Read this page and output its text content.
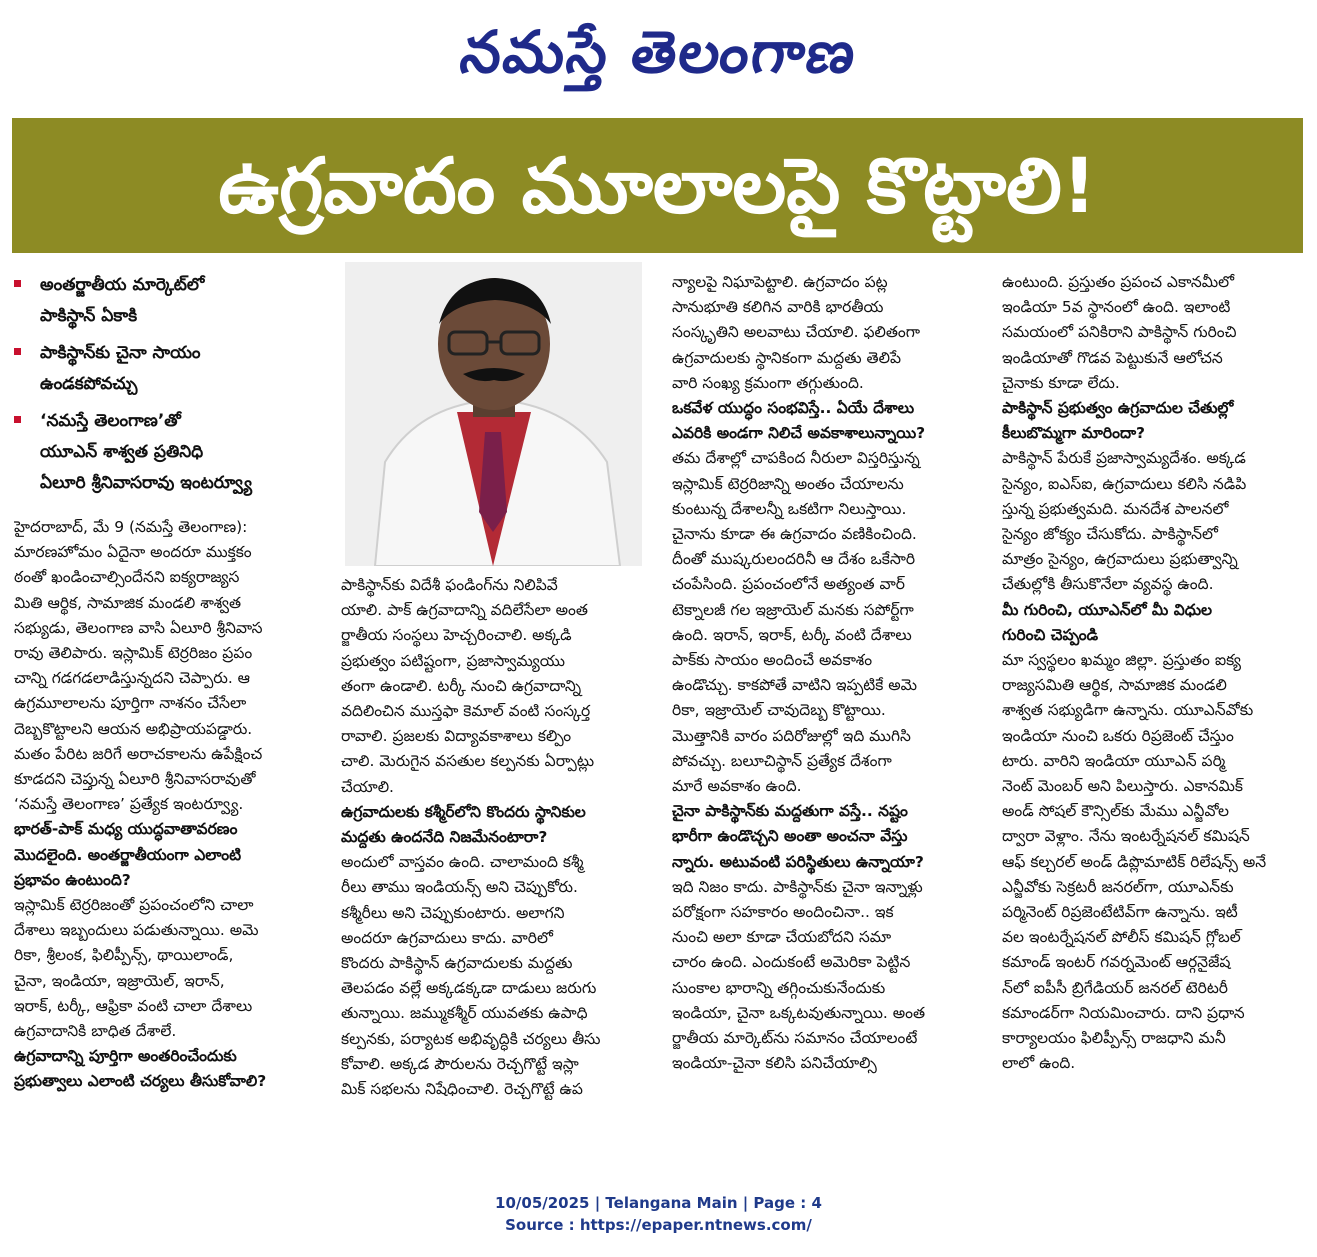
నమస్తే తెలంగాణ
ఉగ్రవాదం మూలాలపై కొట్టాలి!
అంతర్జాతీయ మార్కెట్‌లో
పాకిస్థాన్ ఏకాకి
పాకిస్థాన్‌కు చైనా సాయం
ఉండకపోవచ్చు
‘నమస్తే తెలంగాణ’తో
యూఎన్ శాశ్వత ప్రతినిధి
ఏలూరి శ్రీనివాసరావు ఇంటర్వ్యూ

హైదరాబాద్, మే 9 (నమస్తే తెలంగాణ):

మారణహోమం ఏదైనా అందరూ ముక్తకం

ఠంతో ఖండించాల్సిందేనని ఐక్యరాజ్యస

మితి ఆర్థిక, సామాజిక మండలి శాశ్వత

సభ్యుడు, తెలంగాణ వాసి ఏలూరి శ్రీనివాస

రావు తెలిపారు. ఇస్లామిక్ టెర్రరిజం ప్రపం

చాన్ని గడగడలాడిస్తున్నదని చెప్పారు. ఆ

ఉగ్రమూలాలను పూర్తిగా నాశనం చేసేలా

దెబ్బకొట్టాలని ఆయన అభిప్రాయపడ్డారు.

మతం పేరిట జరిగే అరాచకాలను ఉపేక్షించ

కూడదని చెప్తున్న ఏలూరి శ్రీనివాసరావుతో

‘నమస్తే తెలంగాణ’ ప్రత్యేక ఇంటర్వ్యూ.

భారత్-పాక్ మధ్య యుద్ధవాతావరణం

మొదలైంది. అంతర్జాతీయంగా ఎలాంటి

ప్రభావం ఉంటుంది?

ఇస్లామిక్ టెర్రరిజంతో ప్రపంచంలోని చాలా

దేశాలు ఇబ్బందులు పడుతున్నాయి. అమె

రికా, శ్రీలంక, ఫిలిప్పీన్స్, థాయిలాండ్,

చైనా, ఇండియా, ఇజ్రాయెల్, ఇరాన్,

ఇరాక్, టర్కీ, ఆఫ్రికా వంటి చాలా దేశాలు

ఉగ్రవాదానికి బాధిత దేశాలే.

ఉగ్రవాదాన్ని పూర్తిగా అంతరించేందుకు

ప్రభుత్వాలు ఎలాంటి చర్యలు తీసుకోవాలి?

పాకిస్థాన్‌కు విదేశీ ఫండింగ్‌ను నిలిపివే

యాలి. పాక్ ఉగ్రవాదాన్ని వదిలేసేలా అంత

ర్జాతీయ సంస్థలు హెచ్చరించాలి. అక్కడి

ప్రభుత్వం పటిష్టంగా, ప్రజాస్వామ్యయు

తంగా ఉండాలి. టర్కీ నుంచి ఉగ్రవాదాన్ని

వదిలించిన ముస్తఫా కెమాల్ వంటి సంస్కర్త

రావాలి. ప్రజలకు విద్యావకాశాలు కల్పిం

చాలి. మెరుగైన వసతుల కల్పనకు ఏర్పాట్లు

చేయాలి.

ఉగ్రవాదులకు కశ్మీర్‌లోని కొందరు స్థానికుల

మద్దతు ఉందనేది నిజమేనంటారా?

అందులో వాస్తవం ఉంది. చాలామంది కశ్మీ

రీలు తాము ఇండియన్స్ అని చెప్పుకోరు.

కశ్మీరీలు అని చెప్పుకుంటారు. అలాగని

అందరూ ఉగ్రవాదులు కాదు. వారిలో

కొందరు పాకిస్థాన్ ఉగ్రవాదులకు మద్దతు

తెలపడం వల్లే అక్కడక్కడా దాడులు జరుగు

తున్నాయి. జమ్ముకశ్మీర్ యువతకు ఉపాధి

కల్పనకు, పర్యాటక అభివృద్ధికి చర్యలు తీసు

కోవాలి. అక్కడ పౌరులను రెచ్చగొట్టే ఇస్లా

మిక్ సభలను నిషేధించాలి. రెచ్చగొట్టే ఉప

న్యాలపై నిఘాపెట్టాలి. ఉగ్రవాదం పట్ల

సానుభూతి కలిగిన వారికి భారతీయ

సంస్కృతిని అలవాటు చేయాలి. ఫలితంగా

ఉగ్రవాదులకు స్థానికంగా మద్దతు తెలిపే

వారి సంఖ్య క్రమంగా తగ్గుతుంది.

ఒకవేళ యుద్ధం సంభవిస్తే.. ఏయే దేశాలు

ఎవరికి అండగా నిలిచే అవకాశాలున్నాయి?

తమ దేశాల్లో చాపకింద నీరులా విస్తరిస్తున్న

ఇస్లామిక్ టెర్రరిజాన్ని అంతం చేయాలను

కుంటున్న దేశాలన్నీ ఒకటిగా నిలుస్తాయి.

చైనాను కూడా ఈ ఉగ్రవాదం వణికించింది.

దీంతో ముష్కరులందరినీ ఆ దేశం ఒకేసారి

చంపేసింది. ప్రపంచంలోనే అత్యంత వార్

టెక్నాలజీ గల ఇజ్రాయెల్ మనకు సపోర్ట్‌గా

ఉంది. ఇరాన్, ఇరాక్, టర్కీ వంటి దేశాలు

పాక్‌కు సాయం అందించే అవకాశం

ఉండొచ్చు. కాకపోతే వాటిని ఇప్పటికే అమె

రికా, ఇజ్రాయెల్ చావుదెబ్బ కొట్టాయి.

మొత్తానికి వారం పదిరోజుల్లో ఇది ముగిసి

పోవచ్చు. బలూచిస్థాన్ ప్రత్యేక దేశంగా

మారే అవకాశం ఉంది.

చైనా పాకిస్థాన్‌కు మద్దతుగా వస్తే.. నష్టం

భారీగా ఉండొచ్చని అంతా అంచనా వేస్తు

న్నారు. అటువంటి పరిస్థితులు ఉన్నాయా?

ఇది నిజం కాదు. పాకిస్థాన్‌కు చైనా ఇన్నాళ్లు

పరోక్షంగా సహకారం అందించినా.. ఇక

నుంచి అలా కూడా చేయబోదని సమా

చారం ఉంది. ఎందుకంటే అమెరికా పెట్టిన

సుంకాల భారాన్ని తగ్గించుకునేందుకు

ఇండియా, చైనా ఒక్కటవుతున్నాయి. అంత

ర్జాతీయ మార్కెట్‌ను సమానం చేయాలంటే

ఇండియా-చైనా కలిసి పనిచేయాల్సి

ఉంటుంది. ప్రస్తుతం ప్రపంచ ఎకానమీలో

ఇండియా 5వ స్థానంలో ఉంది. ఇలాంటి

సమయంలో పనికిరాని పాకిస్థాన్ గురించి

ఇండియాతో గొడవ పెట్టుకునే ఆలోచన

చైనాకు కూడా లేదు.

పాకిస్థాన్ ప్రభుత్వం ఉగ్రవాదుల చేతుల్లో

కీలుబొమ్మగా మారిందా?

పాకిస్థాన్ పేరుకే ప్రజాస్వామ్యదేశం. అక్కడ

సైన్యం, ఐఎస్ఐ, ఉగ్రవాదులు కలిసి నడిపి

స్తున్న ప్రభుత్వమది. మనదేశ పాలనలో

సైన్యం జోక్యం చేసుకోదు. పాకిస్థాన్‌లో

మాత్రం సైన్యం, ఉగ్రవాదులు ప్రభుత్వాన్ని

చేతుల్లోకి తీసుకొనేలా వ్యవస్థ ఉంది.

మీ గురించి, యూఎన్‌లో మీ విధుల

గురించి చెప్పండి

మా స్వస్థలం ఖమ్మం జిల్లా. ప్రస్తుతం ఐక్య

రాజ్యసమితి ఆర్థిక, సామాజిక మండలి

శాశ్వత సభ్యుడిగా ఉన్నాను. యూఎన్‌వోకు

ఇండియా నుంచి ఒకరు రిప్రజెంట్ చేస్తుం

టారు. వారిని ఇండియా యూఎన్ పర్మి

నెంట్ మెంబర్ అని పిలుస్తారు. ఎకానమిక్

అండ్ సోషల్ కౌన్సిల్‌కు మేము ఎన్జీవోల

ద్వారా వెళ్లాం. నేను ఇంటర్నేషనల్ కమిషన్

ఆఫ్ కల్చరల్ అండ్ డిప్లొమాటిక్ రిలేషన్స్ అనే

ఎన్జీవోకు సెక్రటరీ జనరల్‌గా, యూఎన్‌కు

పర్మినెంట్ రిప్రజెంటేటివ్‌గా ఉన్నాను. ఇటీ

వల ఇంటర్నేషనల్ పోలీస్ కమిషన్ గ్లోబల్

కమాండ్ ఇంటర్ గవర్నమెంట్ ఆర్గనైజేష

న్‌లో ఐపీసీ బ్రిగేడియర్ జనరల్ టెరిటరీ

కమాండర్‌గా నియమించారు. దాని ప్రధాన

కార్యాలయం ఫిలిప్పీన్స్ రాజధాని మనీ

లాలో ఉంది.

10/05/2025 | Telangana Main | Page : 4
Source : https://epaper.ntnews.com/
